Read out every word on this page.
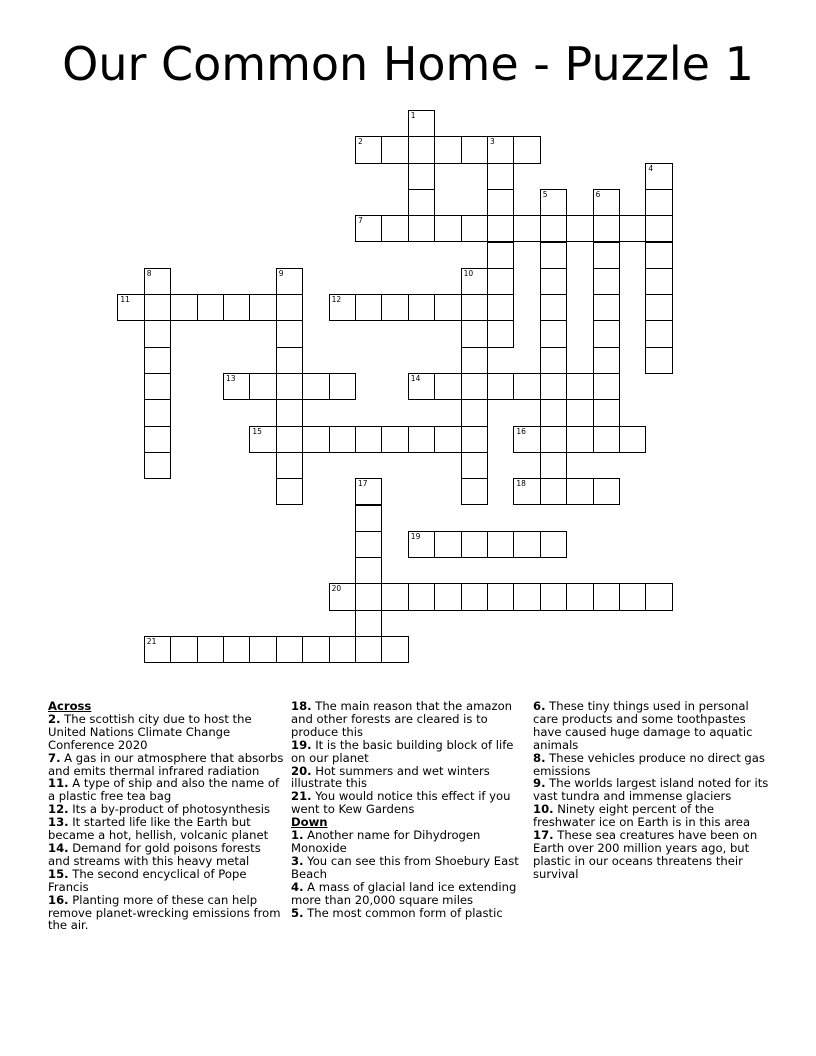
Our Common Home - Puzzle 1
1
2	3
4
5	6
7
8	9	10
11	12
13	14
15	16
17	18
19
20
21

Across

2. The scottish city due to host the United Nations Climate Change Conference 2020

7. A gas in our atmosphere that absorbs and emits thermal infrared radiation

11. A type of ship and also the name of a plastic free tea bag

12. Its a by-product of photosynthesis

13. It started life like the Earth but became a hot, hellish, volcanic planet

14. Demand for gold poisons forests and streams with this heavy metal

15. The second encyclical of Pope Francis

16. Planting more of these can help remove planet-wrecking emissions from the air.

18. The main reason that the amazon and other forests are cleared is to produce this

19. It is the basic building block of life on our planet

20. Hot summers and wet winters illustrate this

21. You would notice this effect if you went to Kew Gardens

Down

1. Another name for Dihydrogen Monoxide

3. You can see this from Shoebury East Beach

4. A mass of glacial land ice extending more than 20,000 square miles

5. The most common form of plastic

6. These tiny things used in personal care products and some toothpastes have caused huge damage to aquatic animals

8. These vehicles produce no direct gas emissions

9. The worlds largest island noted for its vast tundra and immense glaciers

10. Ninety eight percent of the freshwater ice on Earth is in this area

17. These sea creatures have been on Earth over 200 million years ago, but plastic in our oceans threatens their survival
